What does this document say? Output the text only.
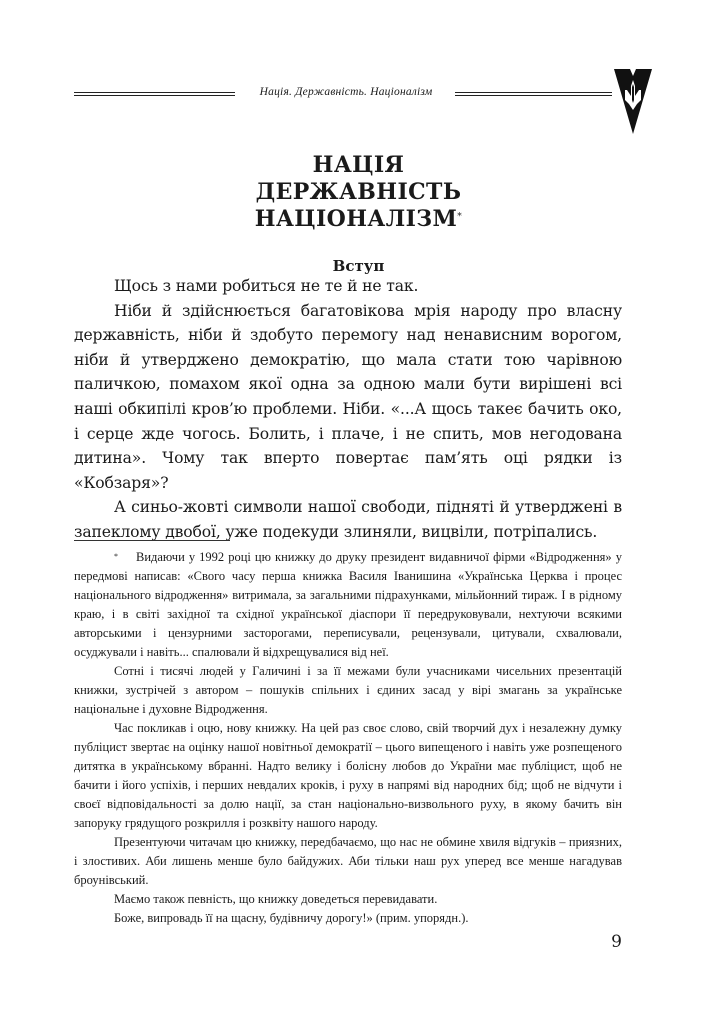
Нація. Державність. Націоналізм
НАЦІЯ
ДЕРЖАВНІСТЬ
НАЦІОНАЛІЗМ*
Вступ

Щось з нами робиться не те й не так.

Ніби й здійснюється багатовікова мрія народу про власну державність, ніби й здобуто перемогу над ненависним ворогом, ніби й утверджено демократію, що мала стати тою чарівною паличкою, помахом якої одна за одною мали бути вирішені всі наші обкипілі кров’ю проблеми. Ніби. «...А щось такеє бачить око, і серце жде чогось. Болить, і плаче, і не спить, мов негодована дитина». Чому так вперто повертає пам’ять оці рядки із «Кобзаря»?

А синьо-жовті символи нашої свободи, підняті й утверджені в запеклому двобої, уже подекуди злиняли, вицвіли, потріпались.

* Видаючи у 1992 році цю книжку до друку президент видавничої фірми «Відродження» у передмові написав: «Свого часу перша книжка Василя Іванишина «Українська Церква і процес національного відродження» витримала, за загальними підрахунками, мільйонний тираж. І в рідному краю, і в світі західної та східної української діаспори її передруковували, нехтуючи всякими авторськими і цензурними засторогами, переписували, рецензували, цитували, схвалювали, осуджували і навіть... спалювали й відхрещувалися від неї.

Сотні і тисячі людей у Галичині і за її межами були учасниками чисельних презентацій книжки, зустрічей з автором – пошуків спільних і єдиних засад у вірі змагань за українське національне і духовне Відродження.

Час покликав і оцю, нову книжку. На цей раз своє слово, свій творчий дух і незалежну думку публіцист звертає на оцінку нашої новітньої демократії – цього випещеного і навіть уже розпещеного дитятка в українському вбранні. Надто велику і болісну любов до України має публіцист, щоб не бачити і його успіхів, і перших невдалих кроків, і руху в напрямі від народних бід; щоб не відчути і своєї відповідальності за долю нації, за стан національно-визвольного руху, в якому бачить він запоруку грядущого розкрилля і розквіту нашого народу.

Презентуючи читачам цю книжку, передбачаємо, що нас не обмине хвиля відгуків – приязних, і злостивих. Аби лишень менше було байдужих. Аби тільки наш рух уперед все менше нагадував броунівський.

Маємо також певність, що книжку доведеться перевидавати.

Боже, випровадь її на щасну, будівничу дорогу!» (прим. упорядн.).

9
